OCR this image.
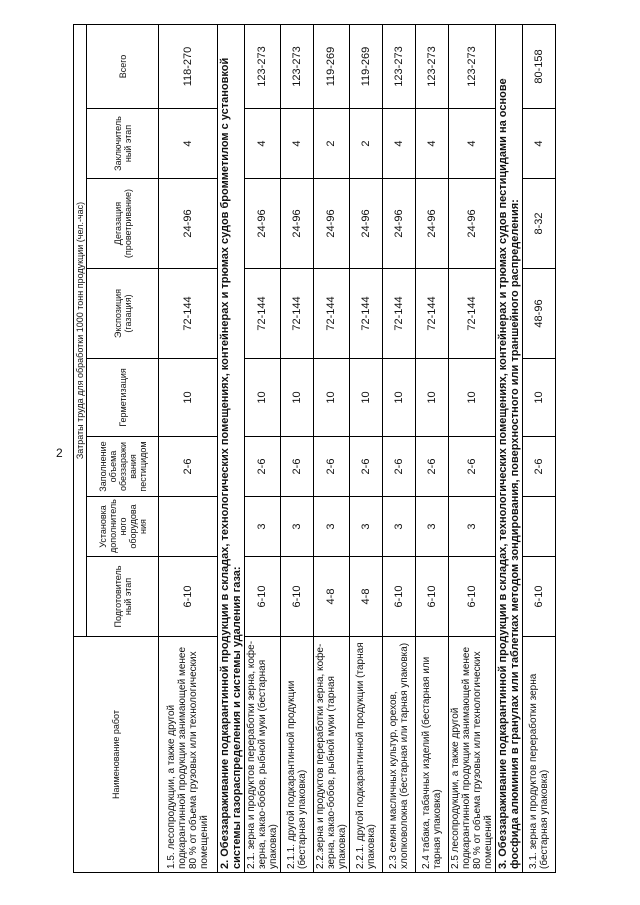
2
Наименование работ	Затраты труда для обработки 1000 тонн продукции (чел.-час)							
	Подготовитель ный этап	Установка дополнитель ного оборудова ния	Заполнение объема обеззаражи вания пестицидом	Герметизация	Экспозиция (газация)	Дегазация (проветривание)	Заключитель ный этап	Всего
1.5. лесопродукции, а также другой подкарантинной продукции занимающей менее 80 % от объема грузовых или технологических помещений	6-10		2-6	10	72-144	24-96	4	118-270
2. Обеззараживание подкарантинной продукции в складах, технологических помещениях, контейнерах и трюмах судов бромметилом с установкой системы газораспределения и системы удаления газа:								
2.1. зерна и продуктов переработки зерна, кофе-зерна, какао-бобов, рыбной муки (бестарная упаковка)	6-10	3	2-6	10	72-144	24-96	4	123-273
2.1.1. другой подкарантинной продукции (бестарная упаковка)	6-10	3	2-6	10	72-144	24-96	4	123-273
2.2.зерна и продуктов переработки зерна, кофе-зерна, какао-бобов, рыбной муки (тарная упаковка)	4-8	3	2-6	10	72-144	24-96	2	119-269
2.2.1. другой подкарантинной продукции (тарная упаковка)	4-8	3	2-6	10	72-144	24-96	2	119-269
2.3 семян масличных культур, орехов, хлопковолокна (бестарная или тарная упаковка)	6-10	3	2-6	10	72-144	24-96	4	123-273
2.4 табака, табачных изделий (бестарная или тарная упаковка)	6-10	3	2-6	10	72-144	24-96	4	123-273
2.5 лесопродукции, а также другой подкарантинной продукции занимающей менее 80 % от объема грузовых или технологических помещений	6-10	3	2-6	10	72-144	24-96	4	123-273
3. Обеззараживание подкарантинной продукции в складах, технологических помещениях, контейнерах и трюмах судов пестицидами на основе фосфида алюминия в гранулах или таблетках методом зондирования, поверхностного или траншейного распределения:								
3.1. зерна и продуктов переработки зерна (бестарная упаковка)	6-10		2-6	10	48-96	8-32	4	80-158
